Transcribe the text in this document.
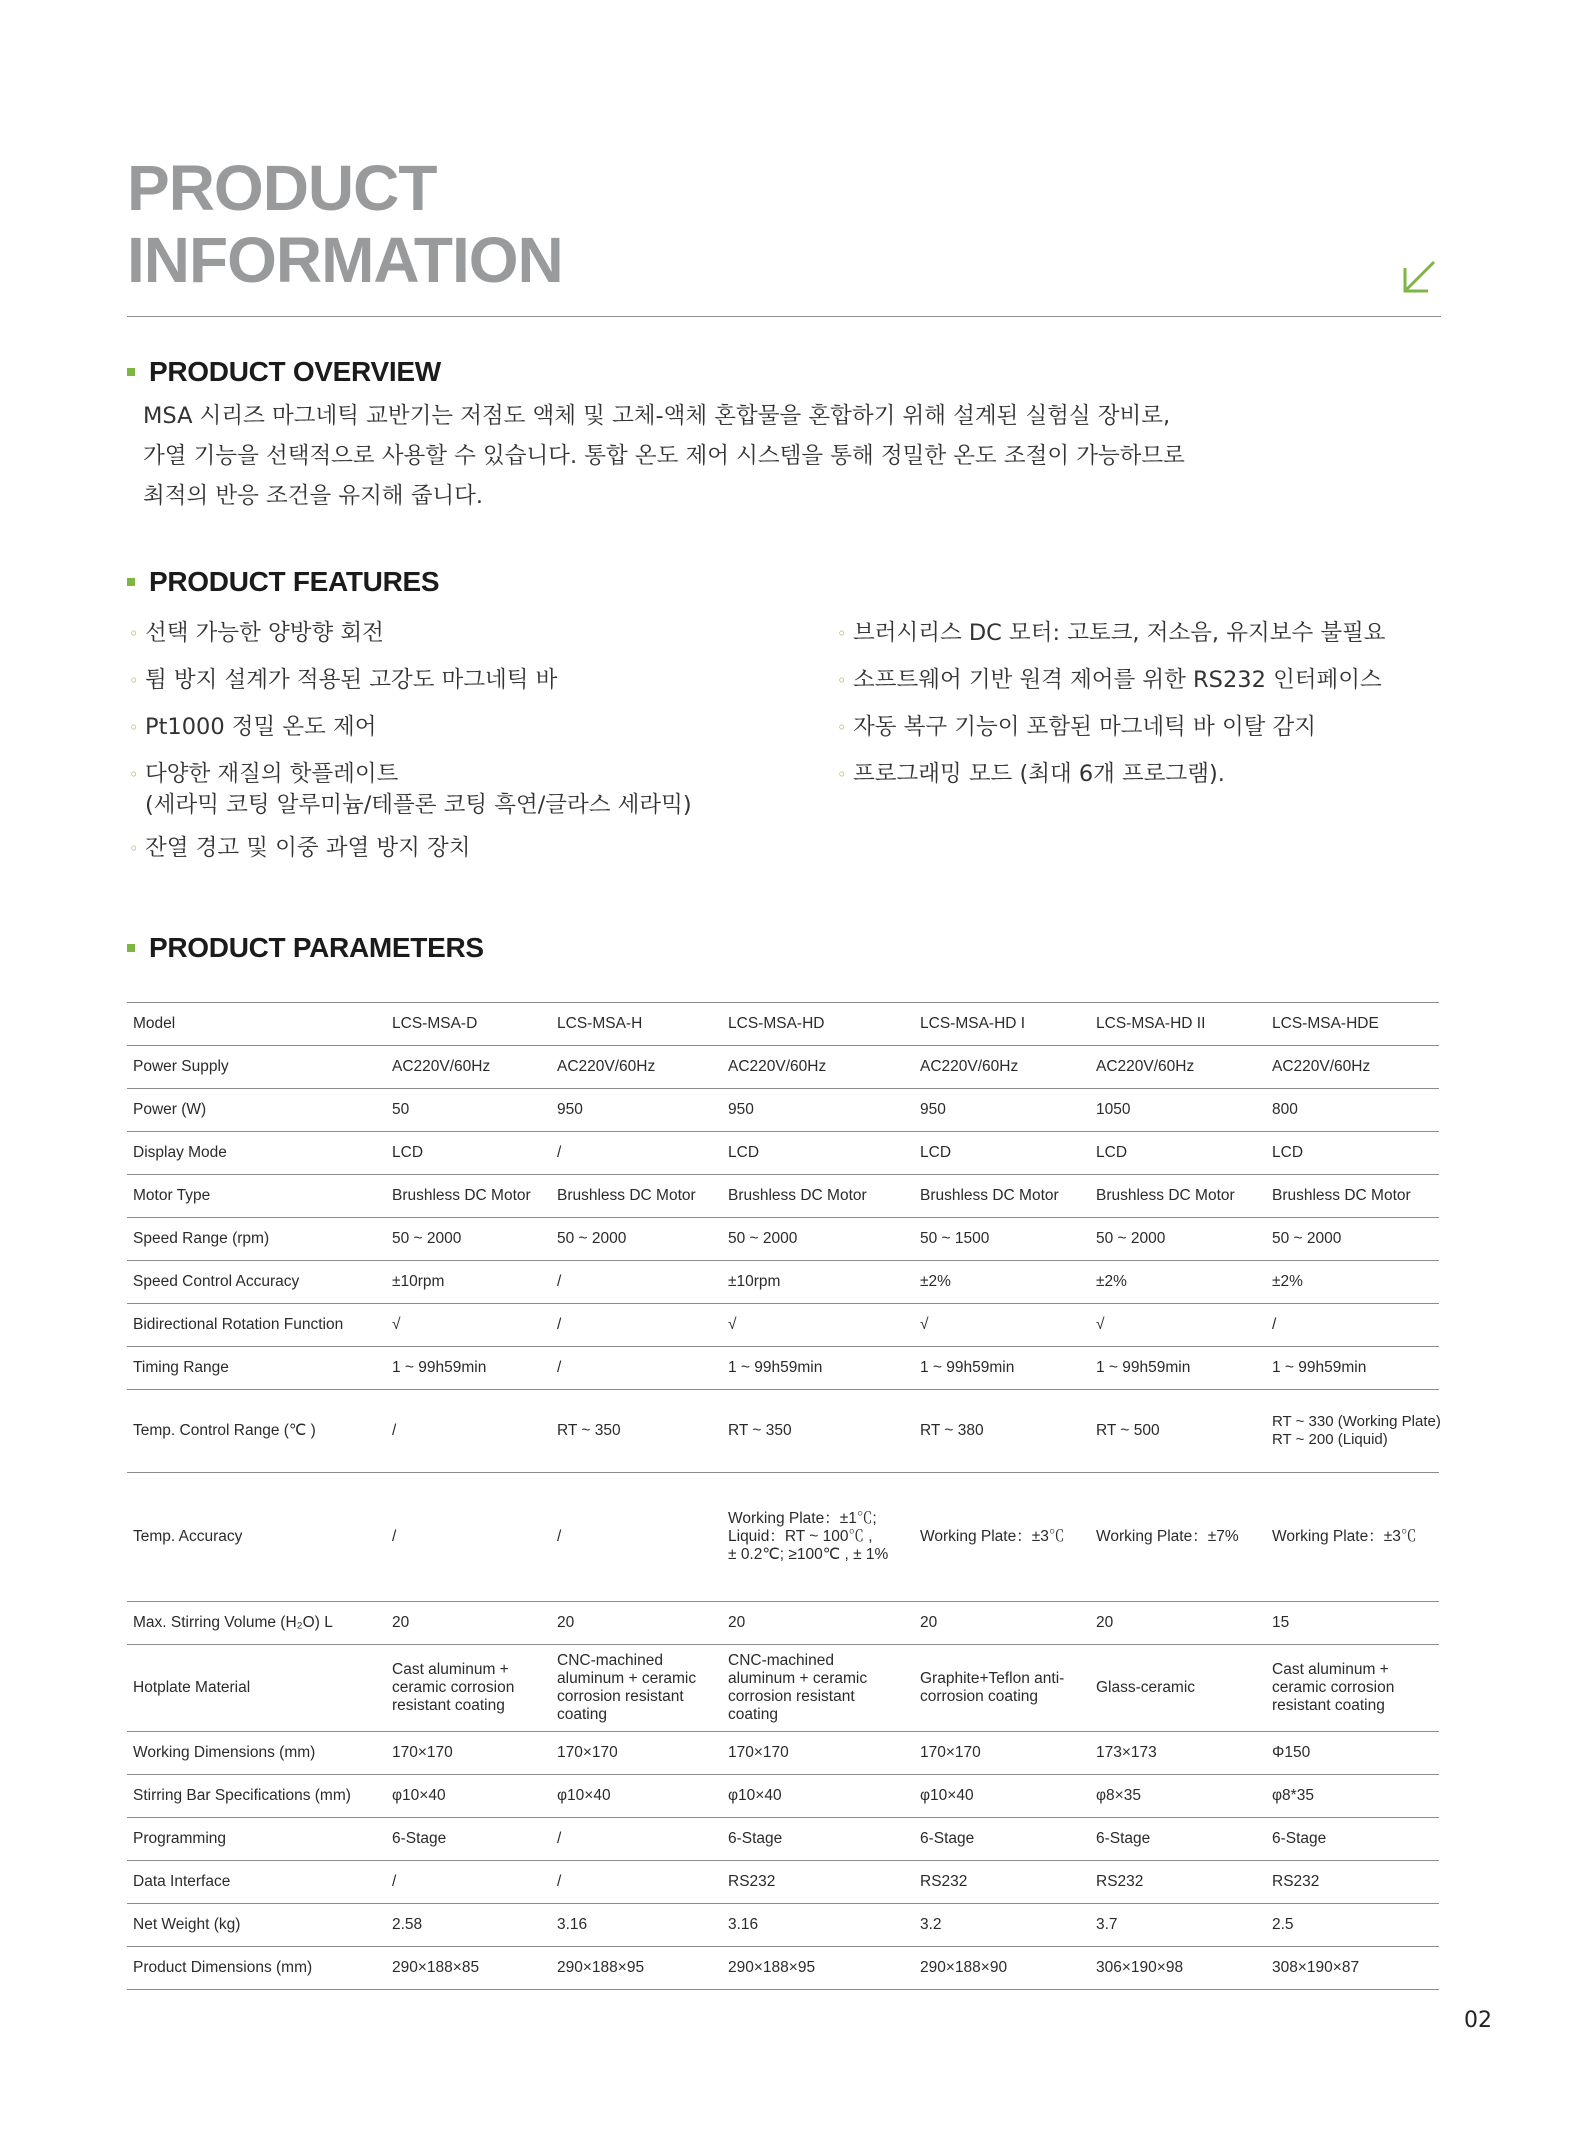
PRODUCT
INFORMATION
PRODUCT OVERVIEW
MSA 시리즈 마그네틱 교반기는 저점도 액체 및 고체-액체 혼합물을 혼합하기 위해 설계된 실험실 장비로,
가열 기능을 선택적으로 사용할 수 있습니다. 통합 온도 제어 시스템을 통해 정밀한 온도 조절이 가능하므로
최적의 반응 조건을 유지해 줍니다.
PRODUCT FEATURES
◦ 선택 가능한 양방향 회전
◦ 튐 방지 설계가 적용된 고강도 마그네틱 바
◦ Pt1000 정밀 온도 제어
◦ 다양한 재질의 핫플레이트
(세라믹 코팅 알루미늄/테플론 코팅 흑연/글라스 세라믹)
◦ 잔열 경고 및 이중 과열 방지 장치
◦ 브러시리스 DC 모터: 고토크, 저소음, 유지보수 불필요
◦ 소프트웨어 기반 원격 제어를 위한 RS232 인터페이스
◦ 자동 복구 기능이 포함된 마그네틱 바 이탈 감지
◦ 프로그래밍 모드 (최대 6개 프로그램).
PRODUCT PARAMETERS
Model	LCS-MSA-D	LCS-MSA-H	LCS-MSA-HD	LCS-MSA-HD I	LCS-MSA-HD II	LCS-MSA-HDE
Power Supply	AC220V/60Hz	AC220V/60Hz	AC220V/60Hz	AC220V/60Hz	AC220V/60Hz	AC220V/60Hz
Power (W)	50	950	950	950	1050	800
Display Mode	LCD	/	LCD	LCD	LCD	LCD
Motor Type	Brushless DC Motor	Brushless DC Motor	Brushless DC Motor	Brushless DC Motor	Brushless DC Motor	Brushless DC Motor
Speed Range (rpm)	50 ~ 2000	50 ~ 2000	50 ~ 2000	50 ~ 1500	50 ~ 2000	50 ~ 2000
Speed Control Accuracy	±10rpm	/	±10rpm	±2%	±2%	±2%
Bidirectional Rotation Function	√	/	√	√	√	/
Timing Range	1 ~ 99h59min	/	1 ~ 99h59min	1 ~ 99h59min	1 ~ 99h59min	1 ~ 99h59min
Temp. Control Range (℃ )	/	RT ~ 350	RT ~ 350	RT ~ 380	RT ~ 500	RT ~ 330 (Working Plate)
RT ~ 200 (Liquid)
Temp. Accuracy	/	/	Working Plate：±1℃;
Liquid：RT ~ 100℃ ,
± 0.2℃; ≥100℃ , ± 1%	Working Plate：±3℃	Working Plate：±7%	Working Plate：±3℃
Max. Stirring Volume (H₂O) L	20	20	20	20	20	15
Hotplate Material	Cast aluminum +
ceramic corrosion
resistant coating	CNC-machined
aluminum + ceramic
corrosion resistant
coating	CNC-machined
aluminum + ceramic
corrosion resistant
coating	Graphite+Teflon anti-
corrosion coating	Glass-ceramic	Cast aluminum +
ceramic corrosion
resistant coating
Working Dimensions (mm)	170×170	170×170	170×170	170×170	173×173	Φ150
Stirring Bar Specifications (mm)	φ10×40	φ10×40	φ10×40	φ10×40	φ8×35	φ8*35
Programming	6-Stage	/	6-Stage	6-Stage	6-Stage	6-Stage
Data Interface	/	/	RS232	RS232	RS232	RS232
Net Weight (kg)	2.58	3.16	3.16	3.2	3.7	2.5
Product Dimensions (mm)	290×188×85	290×188×95	290×188×95	290×188×90	306×190×98	308×190×87
02
